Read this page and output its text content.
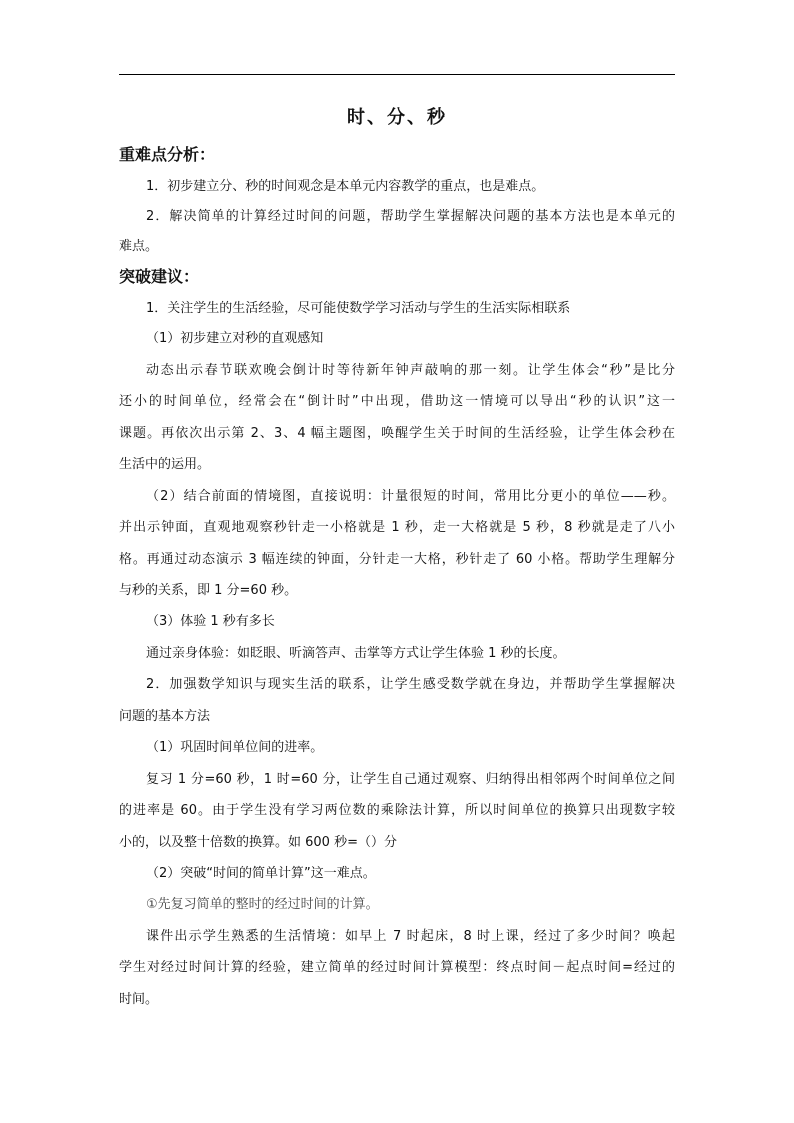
时、分、秒
重难点分析：

1．初步建立分、秒的时间观念是本单元内容教学的重点，也是难点。

2．解决简单的计算经过时间的问题，帮助学生掌握解决问题的基本方法也是本单元的

难点。

突破建议：

1．关注学生的生活经验，尽可能使数学学习活动与学生的生活实际相联系

（1）初步建立对秒的直观感知

动态出示春节联欢晚会倒计时等待新年钟声敲响的那一刻。让学生体会“秒”是比分

还小的时间单位，经常会在“倒计时”中出现，借助这一情境可以导出“秒的认识”这一

课题。再依次出示第 2、3、4 幅主题图，唤醒学生关于时间的生活经验，让学生体会秒在

生活中的运用。

（2）结合前面的情境图，直接说明：计量很短的时间，常用比分更小的单位——秒。

并出示钟面，直观地观察秒针走一小格就是 1 秒，走一大格就是 5 秒，8 秒就是走了八小

格。再通过动态演示 3 幅连续的钟面，分针走一大格，秒针走了 60 小格。帮助学生理解分

与秒的关系，即 1 分=60 秒。

（3）体验 1 秒有多长

通过亲身体验：如眨眼、听滴答声、击掌等方式让学生体验 1 秒的长度。

2．加强数学知识与现实生活的联系，让学生感受数学就在身边，并帮助学生掌握解决

问题的基本方法

（1）巩固时间单位间的进率。

复习 1 分=60 秒，1 时=60 分，让学生自己通过观察、归纳得出相邻两个时间单位之间

的进率是 60。由于学生没有学习两位数的乘除法计算，所以时间单位的换算只出现数字较

小的，以及整十倍数的换算。如 600 秒=（）分

（2）突破“时间的简单计算”这一难点。

①先复习简单的整时的经过时间的计算。

课件出示学生熟悉的生活情境：如早上 7 时起床，8 时上课，经过了多少时间？唤起

学生对经过时间计算的经验，建立简单的经过时间计算模型：终点时间－起点时间=经过的

时间。
